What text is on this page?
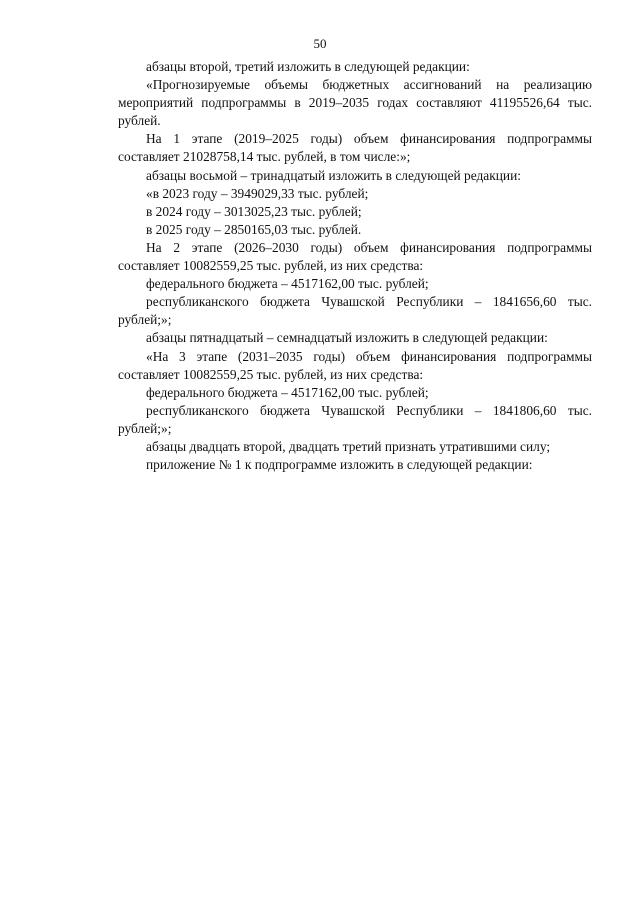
50

абзацы второй, третий изложить в следующей редакции:

«Прогнозируемые объемы бюджетных ассигнований на реализацию мероприятий подпрограммы в 2019–2035 годах составляют 41195526,64 тыс. рублей.

На 1 этапе (2019–2025 годы) объем финансирования подпрограммы составляет 21028758,14 тыс. рублей, в том числе:»;

абзацы восьмой – тринадцатый изложить в следующей редакции:

«в 2023 году – 3949029,33 тыс. рублей;

в 2024 году – 3013025,23 тыс. рублей;

в 2025 году – 2850165,03 тыс. рублей.

На 2 этапе (2026–2030 годы) объем финансирования подпрограммы составляет 10082559,25 тыс. рублей, из них средства:

федерального бюджета – 4517162,00 тыс. рублей;

республиканского бюджета Чувашской Республики – 1841656,60 тыс. рублей;»;

абзацы пятнадцатый – семнадцатый изложить в следующей редакции:

«На 3 этапе (2031–2035 годы) объем финансирования подпрограммы составляет 10082559,25 тыс. рублей, из них средства:

федерального бюджета – 4517162,00 тыс. рублей;

республиканского бюджета Чувашской Республики – 1841806,60 тыс. рублей;»;

абзацы двадцать второй, двадцать третий признать утратившими силу;

приложение № 1 к подпрограмме изложить в следующей редакции:
